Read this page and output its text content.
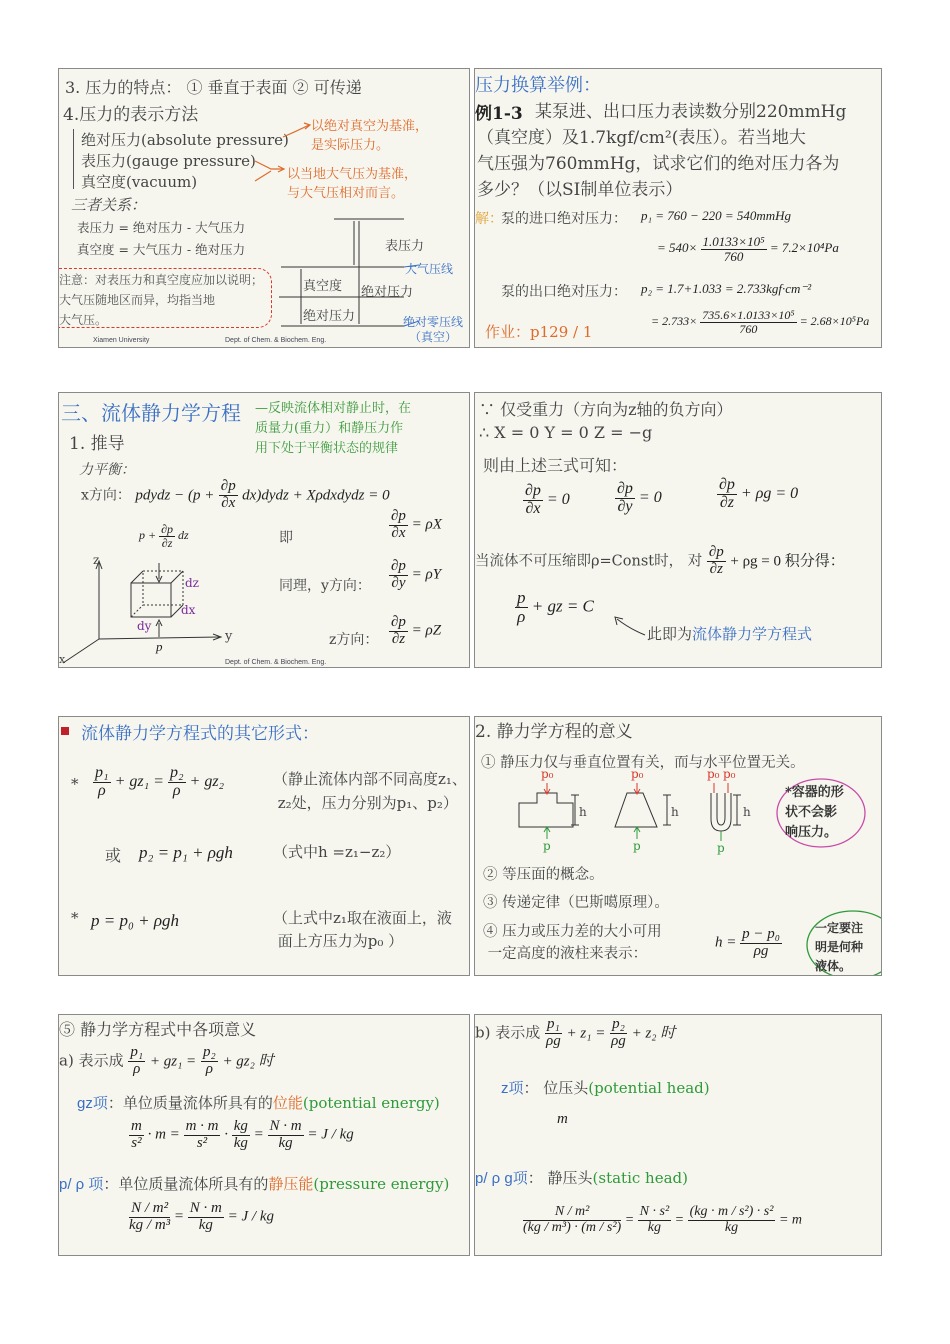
3. 压力的特点： ① 垂直于表面 ② 可传递
4.压力的表示方法
绝对压力(absolute pressure)
表压力(gauge pressure)
真空度(vacuum)
以绝对真空为基准，
是实际压力。
以当地大气压为基准，
与大气压相对而言。
三者关系：
表压力 = 绝对压力 - 大气压力
真空度 = 大气压力 - 绝对压力
注意：对表压力和真空度应加以说明；
大气压随地区而异，均指当地
大气压。
表压力
大气压线
真空度 绝对压力
绝对压力	绝对零压线
（真空）
Xiamen University	Dept. of Chem. & Biochem. Eng.
压力换算举例：
例1-3 某泵进、出口压力表读数分别220mmHg
（真空度）及1.7kgf/cm²(表压）。若当地大
气压强为760mmHg，试求它们的绝对压力各为
多少？（以SI制单位表示）
解：
泵的进口绝对压力： p₁ = 760 − 220 = 540mmHg
= $540\times \frac{\text{1.0133×10⁵}}{760} = 7.2\times 10^4Pa$
泵的出口绝对压力： p₂ = 1.7+1.033 = 2.733kgf·cm⁻²
= $2.733\times \frac{\text{735.6×1.0133×10⁵}}{760} = 2.68\times 10^5Pa$
作业：p129 / 1
三、流体静力学方程 —反映流体相对静止时，在
质量力(重力）和静压力作
用下处于平衡状态的规律
1. 推导
力平衡：
x方向： pdydz − ($p + \frac{\partial p}{\partial x}$ dx)dydz + Xρdxdydz = 0
$p + \frac{\partial p}{\partial z}$ dz
z
y
x
dz
dx
dy
p
即	$\frac{\partial p}{\partial x} = \rho X$
同理，y方向： $\frac{\partial p}{\partial y} = \rho Y$
z方向： $\frac{\partial p}{\partial z} = \rho Z$
Dept. of Chem. & Biochem. Eng.
∵ 仅受重力（方向为z轴的负方向）
∴ X = 0 Y = 0 Z = −g
则由上述三式可知：
$\frac{\partial p}{\partial x} = 0$	$\frac{\partial p}{\partial y} = 0$	$\frac{\partial p}{\partial z} + \rho g = 0$
当流体不可压缩即ρ=Const时， 对 $\frac{\partial p}{\partial z} + \rho g = 0$ 积分得：
$\frac{p}{\rho}$ + gz = C
此即为流体静力学方程式
流体静力学方程式的其它形式：
* $\frac{\text{p₁}}{\rho} + gz_1 = \frac{\text{p₂}}{\rho} + gz_2$	（静止流体内部不同高度z₁、
z₂处，压力分别为p₁、p₂）
或 p₂ = p₁ + ρgh	（式中h =z₁−z₂）
* p = p₀ + ρgh	（上式中z₁取在液面上，液
面上方压力为p₀ ）
2. 静力学方程的意义
① 静压力仅与垂直位置有关，而与水平位置无关。
p₀	p₀	p₀ p₀
h	h	h
p	p	p
*容器的形
状不会影
响压力。
② 等压面的概念。
③ 传递定律（巴斯噶原理）。
④ 压力或压力差的大小可用
一定高度的液柱来表示：
$h = \frac{\text{p − p₀}}{\rho g}$	一定要注
明是何种
液体。
⑤ 静力学方程式中各项意义
a) 表示成 $\frac{\text{p₁}}{\rho} + gz_1 = \frac{\text{p₂}}{\rho} + gz_2$ 时
gz项：单位质量流体所具有的位能(potential energy)
$\frac{m}{\text{s²}} \cdot m = \frac{m \cdot m}{\text{s²}} \cdot \frac{kg}{kg} = \frac{N \cdot m}{kg} = J$ / kg
p/ ρ 项：单位质量流体所具有的静压能(pressure energy)
$\frac{\text{N / m²}}{\text{kg / m³}} = \frac{N \cdot m}{kg} = J$ / kg
b) 表示成 $\frac{\text{p₁}}{\rho g} + z_1 = \frac{\text{p₂}}{\rho g} + z_2$ 时
z项： 位压头(potential head)
m
p/ ρ g项： 静压头(static head)
$\frac{\text{N / m²}}{\text{(kg / m³) · (m / s²)}} = \frac{\text{N · s²}}{kg} = \frac{\text{(kg · m / s²) · s²}}{kg} = m$
